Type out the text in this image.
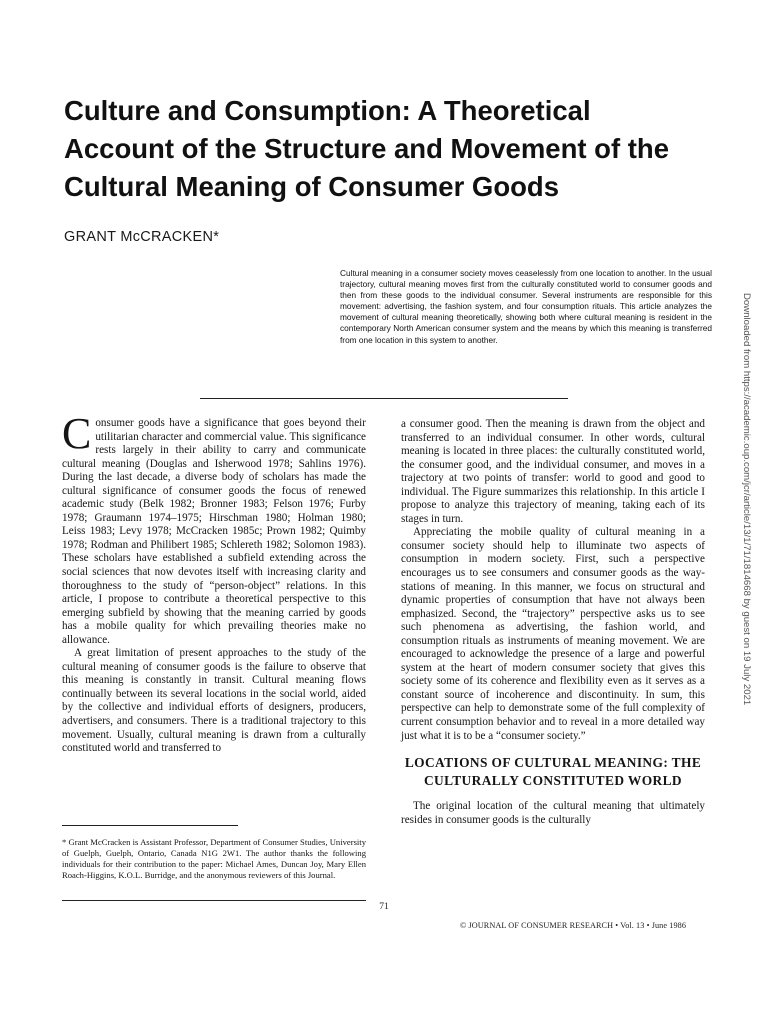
Culture and Consumption: A Theoretical Account of the Structure and Movement of the Cultural Meaning of Consumer Goods
GRANT McCRACKEN*
Cultural meaning in a consumer society moves ceaselessly from one location to another. In the usual trajectory, cultural meaning moves first from the culturally constituted world to consumer goods and then from these goods to the individual consumer. Several instruments are responsible for this movement: advertising, the fashion system, and four consumption rituals. This article analyzes the movement of cultural meaning theoretically, showing both where cultural meaning is resident in the contemporary North American consumer system and the means by which this meaning is transferred from one location in this system to another.

Consumer goods have a significance that goes beyond their utilitarian character and commercial value. This significance rests largely in their ability to carry and communicate cultural meaning (Douglas and Isherwood 1978; Sahlins 1976). During the last decade, a diverse body of scholars has made the cultural significance of consumer goods the focus of renewed academic study (Belk 1982; Bronner 1983; Felson 1976; Furby 1978; Graumann 1974–1975; Hirschman 1980; Holman 1980; Leiss 1983; Levy 1978; McCracken 1985c; Prown 1982; Quimby 1978; Rodman and Philibert 1985; Schlereth 1982; Solomon 1983). These scholars have established a subfield extending across the social sciences that now devotes itself with increasing clarity and thoroughness to the study of “person-object” relations. In this article, I propose to contribute a theoretical perspective to this emerging subfield by showing that the meaning carried by goods has a mobile quality for which prevailing theories make no allowance.

A great limitation of present approaches to the study of the cultural meaning of consumer goods is the failure to observe that this meaning is constantly in transit. Cultural meaning flows continually between its several locations in the social world, aided by the collective and individual efforts of designers, producers, advertisers, and consumers. There is a traditional trajectory to this movement. Usually, cultural meaning is drawn from a culturally constituted world and transferred to

a consumer good. Then the meaning is drawn from the object and transferred to an individual consumer. In other words, cultural meaning is located in three places: the culturally constituted world, the consumer good, and the individual consumer, and moves in a trajectory at two points of transfer: world to good and good to individual. The Figure summarizes this relationship. In this article I propose to analyze this trajectory of meaning, taking each of its stages in turn.

Appreciating the mobile quality of cultural meaning in a consumer society should help to illuminate two aspects of consumption in modern society. First, such a perspective encourages us to see consumers and consumer goods as the way-stations of meaning. In this manner, we focus on structural and dynamic properties of consumption that have not always been emphasized. Second, the “trajectory” perspective asks us to see such phenomena as advertising, the fashion world, and consumption rituals as instruments of meaning movement. We are encouraged to acknowledge the presence of a large and powerful system at the heart of modern consumer society that gives this society some of its coherence and flexibility even as it serves as a constant source of incoherence and discontinuity. In sum, this perspective can help to demonstrate some of the full complexity of current consumption behavior and to reveal in a more detailed way just what it is to be a “consumer society.”

LOCATIONS OF CULTURAL MEANING: THE CULTURALLY CONSTITUTED WORLD

The original location of the cultural meaning that ultimately resides in consumer goods is the culturally

* Grant McCracken is Assistant Professor, Department of Consumer Studies, University of Guelph, Guelph, Ontario, Canada N1G 2W1. The author thanks the following individuals for their contribution to the paper: Michael Ames, Duncan Joy, Mary Ellen Roach-Higgins, K.O.L. Burridge, and the anonymous reviewers of this Journal.
71
© JOURNAL OF CONSUMER RESEARCH • Vol. 13 • June 1986
Downloaded from https://academic.oup.com/jcr/article/13/1/71/1814668 by guest on 19 July 2021
